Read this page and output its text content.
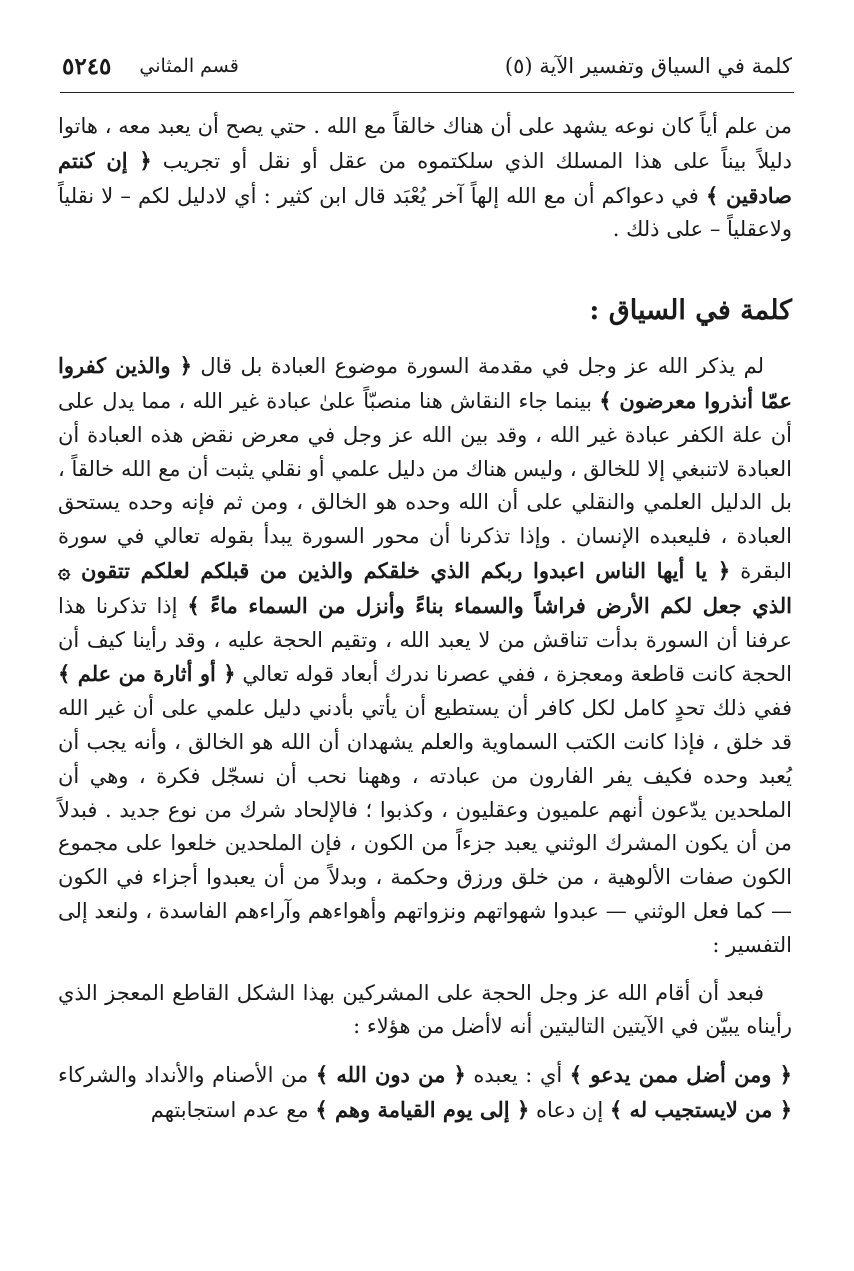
كلمة في السياق وتفسير الآية (٥)
قسم المثاني
٥٢٤٥

من علم أياً كان نوعه يشهد على أن هناك خالقاً مع الله . حتي يصح أن يعبد معه ، هاتوا دليلاً بيناً على هذا المسلك الذي سلكتموه من عقل أو نقل أو تجريب ﴿ إن كنتم صادقين ﴾ في دعواكم أن مع الله إلهاً آخر يُعْبَد قال ابن كثير : أي لادليل لكم – لا نقلياً ولاعقلياً – على ذلك .

كلمة في السياق :

لم يذكر الله عز وجل في مقدمة السورة موضوع العبادة بل قال ﴿ والذين كفروا عمّا أنذروا معرضون ﴾ بينما جاء النقاش هنا منصبّاً علىٰ عبادة غير الله ، مما يدل على أن علة الكفر عبادة غير الله ، وقد بين الله عز وجل في معرض نقض هذه العبادة أن العبادة لاتنبغي إلا للخالق ، وليس هناك من دليل علمي أو نقلي يثبت أن مع الله خالقاً ، بل الدليل العلمي والنقلي على أن الله وحده هو الخالق ، ومن ثم فإنه وحده يستحق العبادة ، فليعبده الإنسان . وإذا تذكرنا أن محور السورة يبدأ بقوله تعالي في سورة البقرة ﴿ يا أيها الناس اعبدوا ربكم الذي خلقكم والذين من قبلكم لعلكم تتقون ۞ الذي جعل لكم الأرض فراشاً والسماء بناءً وأنزل من السماء ماءً ﴾ إذا تذكرنا هذا عرفنا أن السورة بدأت تناقش من لا يعبد الله ، وتقيم الحجة عليه ، وقد رأينا كيف أن الحجة كانت قاطعة ومعجزة ، ففي عصرنا ندرك أبعاد قوله تعالي ﴿ أو أثارة من علم ﴾ ففي ذلك تحدٍ كامل لكل كافر أن يستطيع أن يأتي بأدني دليل علمي على أن غير الله قد خلق ، فإذا كانت الكتب السماوية والعلم يشهدان أن الله هو الخالق ، وأنه يجب أن يُعبد وحده فكيف يفر الفارون من عبادته ، وههنا نحب أن نسجّل فكرة ، وهي أن الملحدين يدّعون أنهم علميون وعقليون ، وكذبوا ؛ فالإلحاد شرك من نوع جديد . فبدلاً من أن يكون المشرك الوثني يعبد جزءاً من الكون ، فإن الملحدين خلعوا على مجموع الكون صفات الألوهية ، من خلق ورزق وحكمة ، وبدلاً من أن يعبدوا أجزاء في الكون — كما فعل الوثني — عبدوا شهواتهم ونزواتهم وأهواءهم وآراءهم الفاسدة ، ولنعد إلى التفسير :

فبعد أن أقام الله عز وجل الحجة على المشركين بهذا الشكل القاطع المعجز الذي رأيناه يبيّن في الآيتين التاليتين أنه لاأضل من هؤلاء :

﴿ ومن أضل ممن يدعو ﴾ أي : يعبده ﴿ من دون الله ﴾ من الأصنام والأنداد والشركاء ﴿ من لايستجيب له ﴾ إن دعاه ﴿ إلى يوم القيامة وهم ﴾ مع عدم استجابتهم
